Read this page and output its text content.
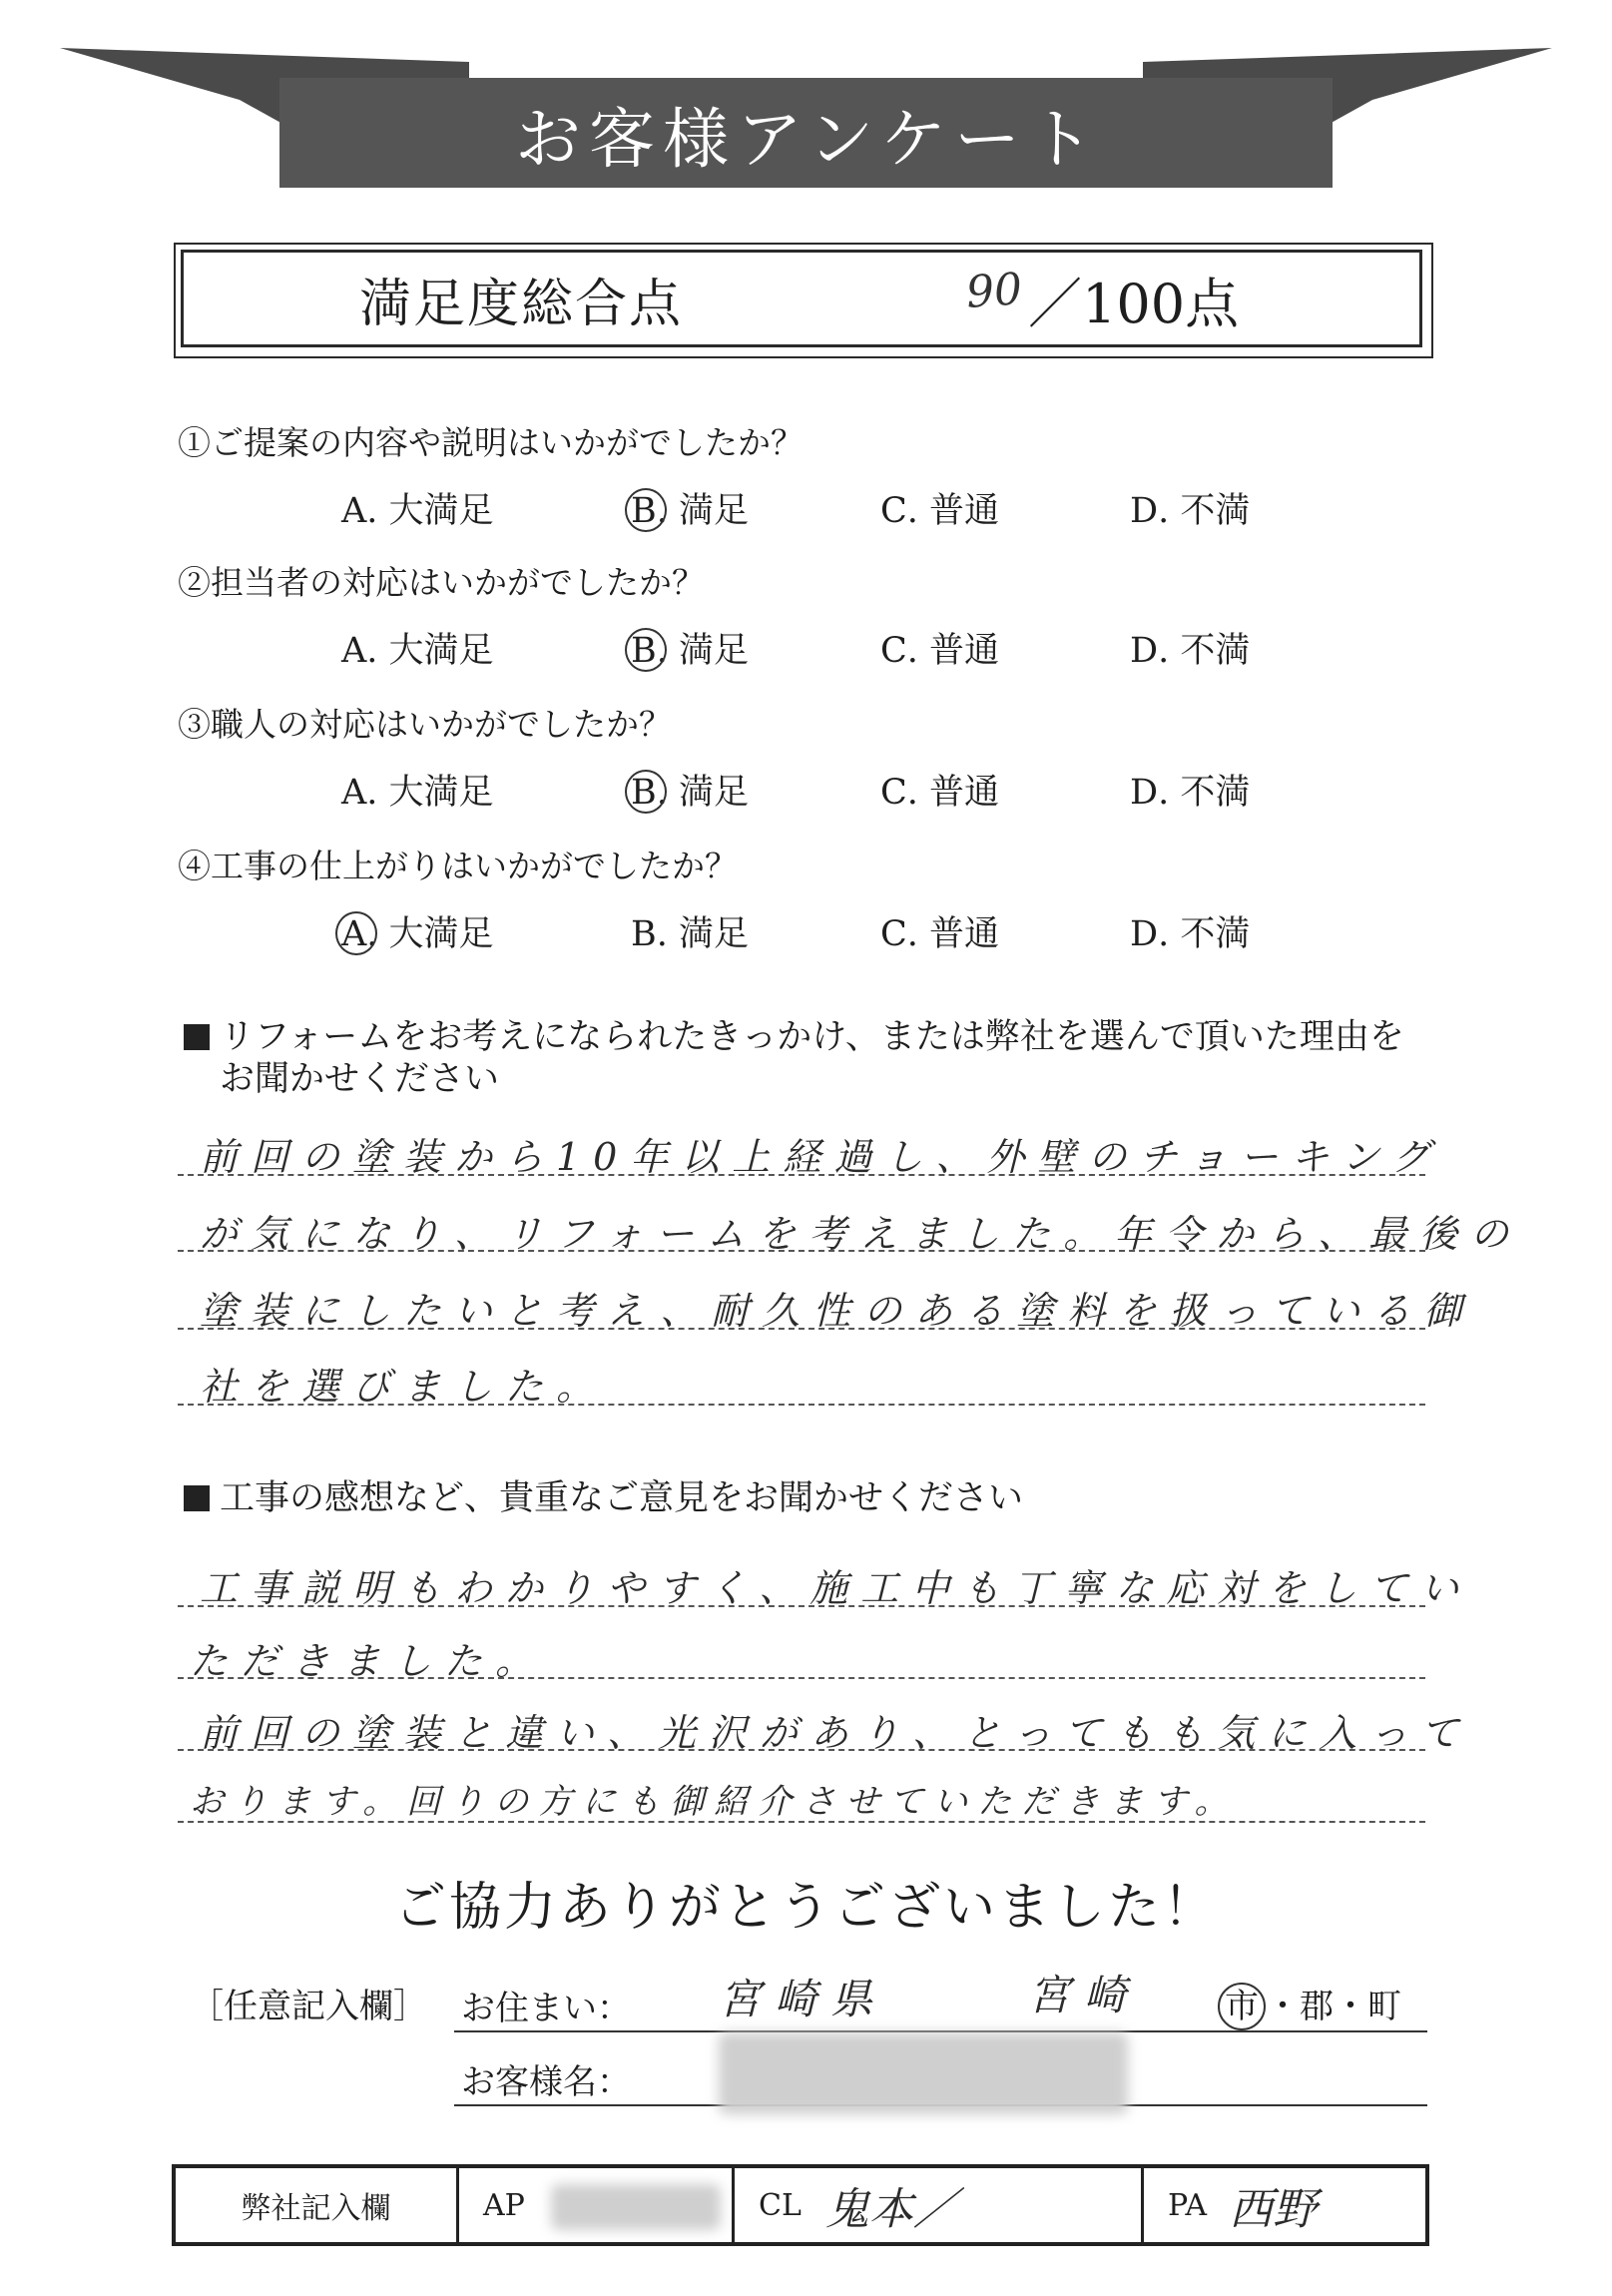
お客様アンケート
満足度総合点	90 ／100点
①ご提案の内容や説明はいかがでしたか？
②担当者の対応はいかがでしたか？
③職人の対応はいかがでしたか？
④工事の仕上がりはいかがでしたか？
A. 大満足	B. 満足	C. 普通	D. 不満
A. 大満足	B. 満足	C. 普通	D. 不満
A. 大満足	B. 満足	C. 普通	D. 不満
A. 大満足	B. 満足	C. 普通	D. 不満
リフォームをお考えになられたきっかけ、または弊社を選んで頂いた理由を
お聞かせください
前回の塗装から10年以上経過し、外壁のチョーキング
が気になり、リフォームを考えました。年令から、最後の
塗装にしたいと考え、耐久性のある塗料を扱っている御
社を選びました。
工事の感想など、貴重なご意見をお聞かせください
工事説明もわかりやすく、施工中も丁寧な応対をしてい
ただきました。
前回の塗装と違い、光沢があり、とってもも気に入って
おります。回りの方にも御紹介させていただきます。
ご協力ありがとうございました！
［任意記入欄］ お住まい： 宮崎県	宮崎 市 ・郡・町
お客様名：
弊社記入欄	AP	CL 鬼本／	PA 西野
